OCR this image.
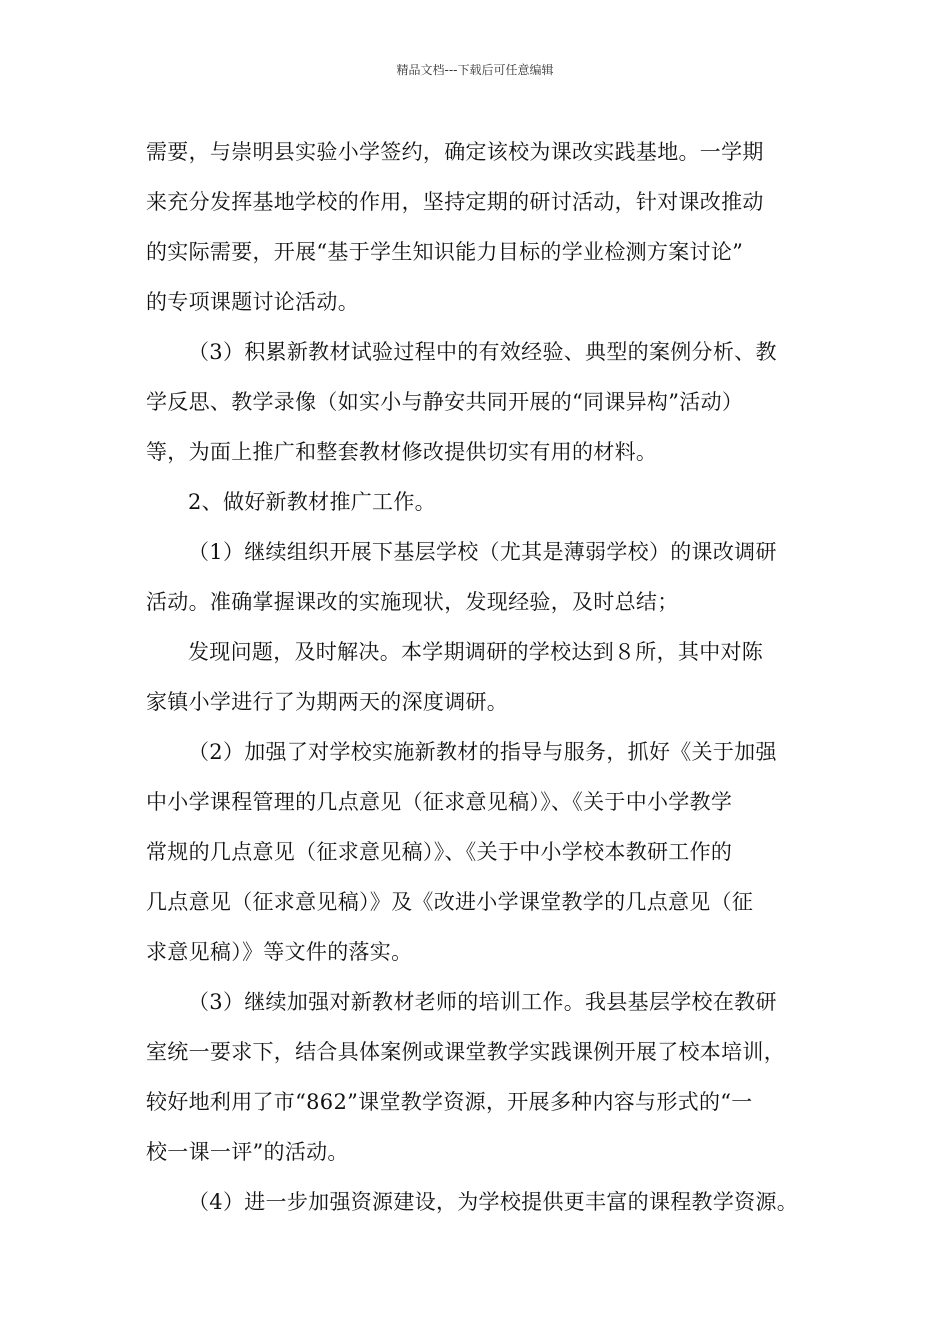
精品文档---下载后可任意编辑
需要，与崇明县实验小学签约，确定该校为课改实践基地。一学期
来充分发挥基地学校的作用，坚持定期的研讨活动，针对课改推动
的实际需要，开展“基于学生知识能力目标的学业检测方案讨论”
的专项课题讨论活动。
（3）积累新教材试验过程中的有效经验、典型的案例分析、教
学反思、教学录像（如实小与静安共同开展的“同课异构”活动）
等，为面上推广和整套教材修改提供切实有用的材料。
2、做好新教材推广工作。
（1）继续组织开展下基层学校（尤其是薄弱学校）的课改调研
活动。准确掌握课改的实施现状，发现经验，及时总结；
发现问题，及时解决。本学期调研的学校达到８所，其中对陈
家镇小学进行了为期两天的深度调研。
（2）加强了对学校实施新教材的指导与服务，抓好《关于加强
中小学课程管理的几点意见（征求意见稿）》、《关于中小学教学
常规的几点意见（征求意见稿）》、《关于中小学校本教研工作的
几点意见（征求意见稿）》及《改进小学课堂教学的几点意见（征
求意见稿）》等文件的落实。
（3）继续加强对新教材老师的培训工作。我县基层学校在教研
室统一要求下，结合具体案例或课堂教学实践课例开展了校本培训，
较好地利用了市“862”课堂教学资源，开展多种内容与形式的“一
校一课一评”的活动。
（4）进一步加强资源建设，为学校提供更丰富的课程教学资源。
